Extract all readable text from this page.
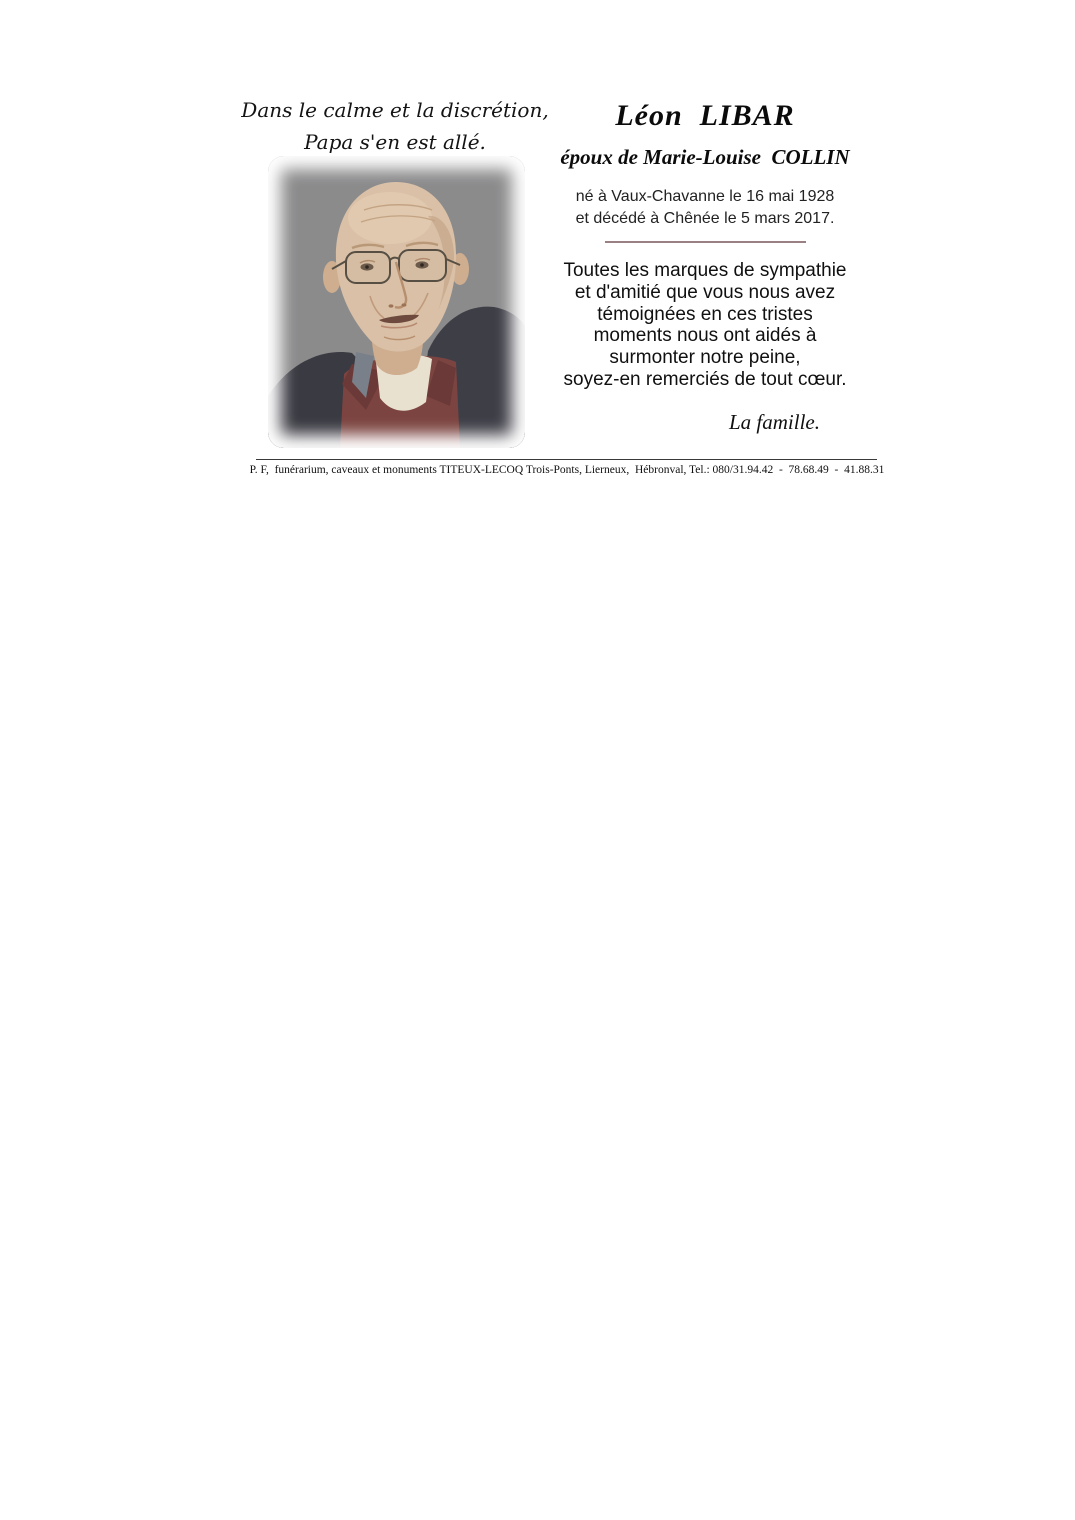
Dans le calme et la discrétion,
Papa s'en est allé.
Léon  LIBAR
époux de Marie-Louise  COLLIN
né à Vaux-Chavanne le 16 mai 1928
et décédé à Chênée le 5 mars 2017.
Toutes les marques de sympathie
et d'amitié que vous nous avez
témoignées en ces tristes
moments nous ont aidés à
surmonter notre peine,
soyez-en remerciés de tout cœur.
La famille.
P. F,  funérarium, caveaux et monuments TITEUX-LECOQ Trois-Ponts, Lierneux,  Hébronval, Tel.: 080/31.94.42  -  78.68.49  -  41.88.31
